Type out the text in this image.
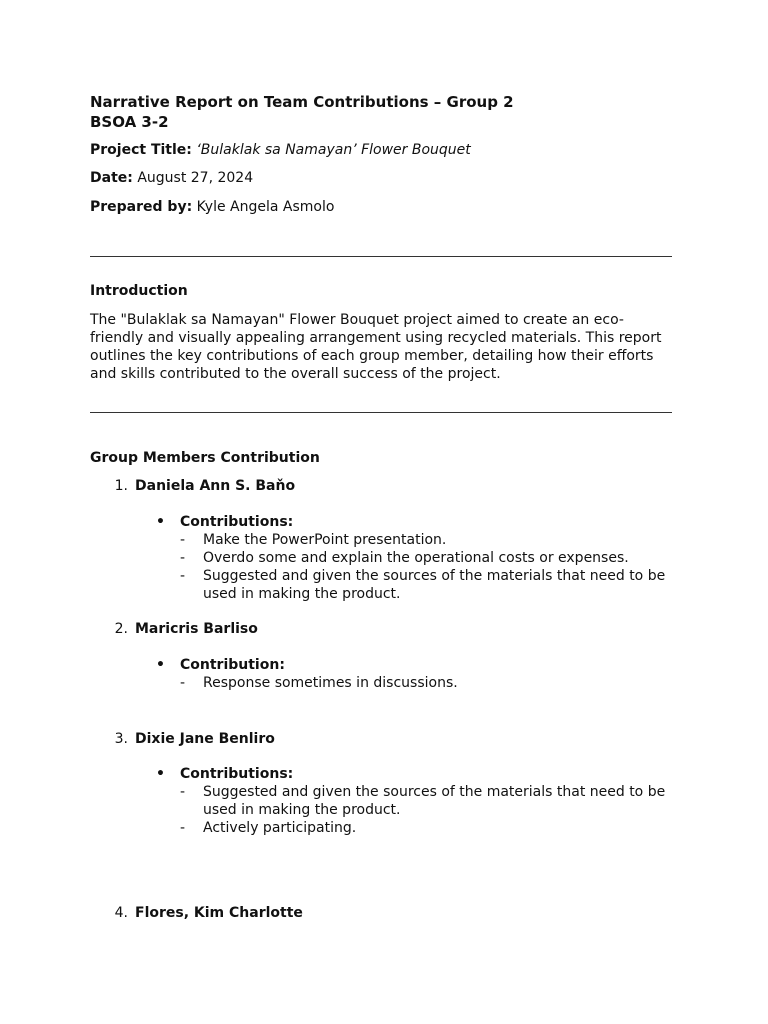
Narrative Report on Team Contributions – Group 2

BSOA 3-2

Project Title: ‘Bulaklak sa Namayan’ Flower Bouquet

Date: August 27, 2024

Prepared by: Kyle Angela Asmolo

Introduction

The "Bulaklak sa Namayan" Flower Bouquet project aimed to create an eco-friendly and visually appealing arrangement using recycled materials. This report outlines the key contributions of each group member, detailing how their efforts and skills contributed to the overall success of the project.

Group Members Contribution

1. Daniela Ann S. Baňo
• Contributions:
- Make the PowerPoint presentation.
- Overdo some and explain the operational costs or expenses.
- Suggested and given the sources of the materials that need to be used in making the product.
2. Maricris Barliso
• Contribution:
- Response sometimes in discussions.
3. Dixie Jane Benliro
• Contributions:
- Suggested and given the sources of the materials that need to be used in making the product.
- Actively participating.
4. Flores, Kim Charlotte
